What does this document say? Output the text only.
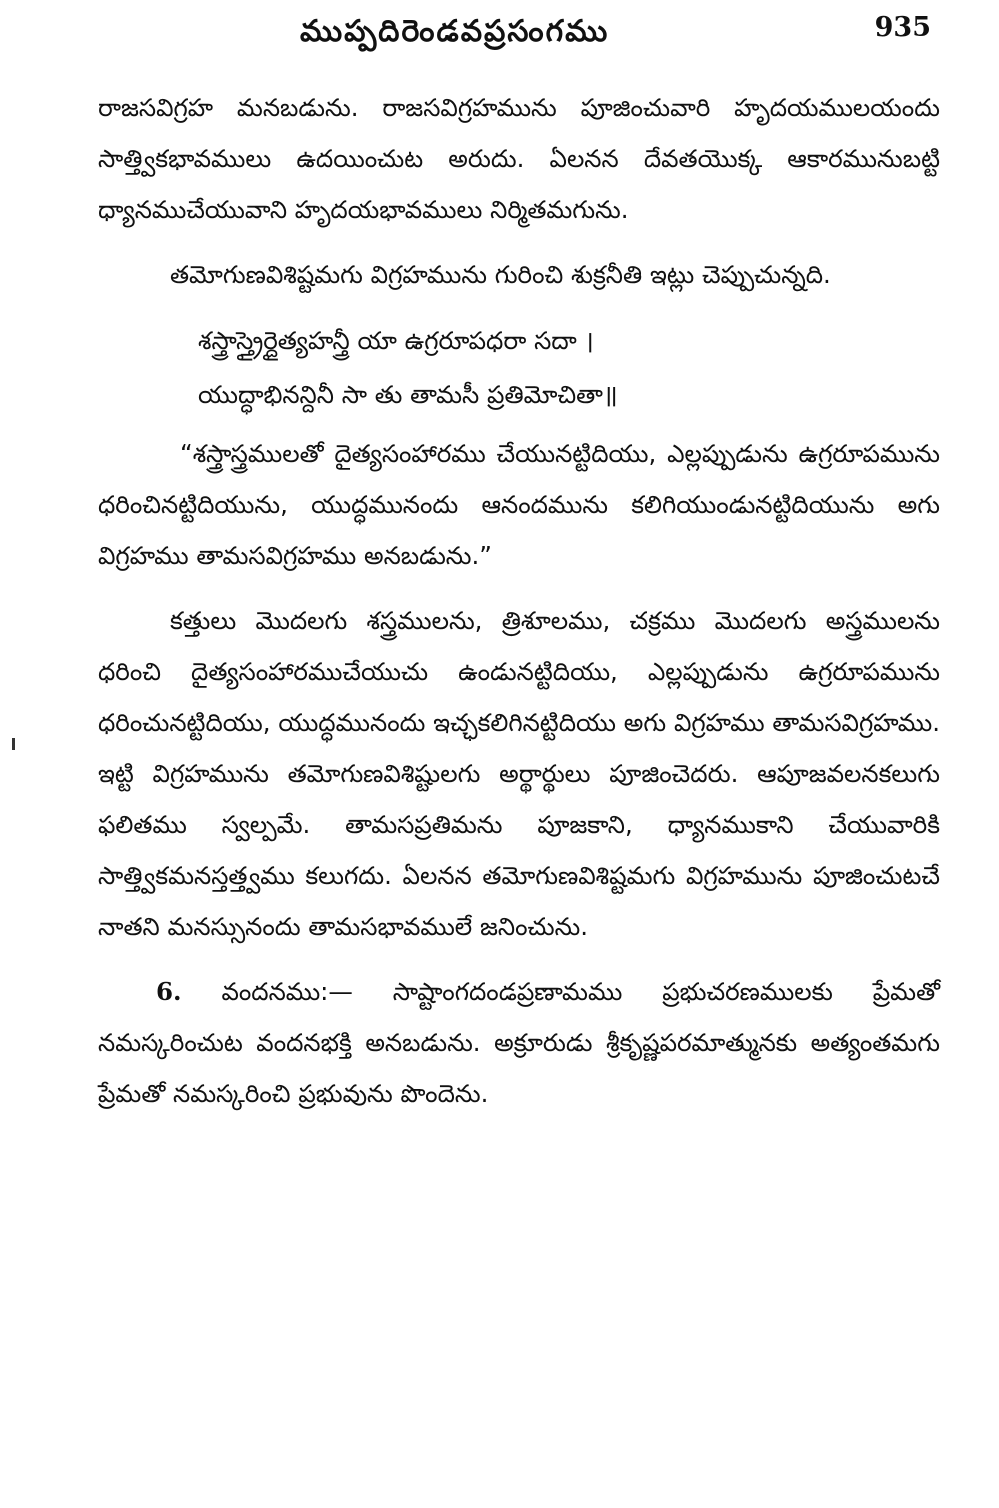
ముప్పదిరెండవప్రసంగము	935

రాజసవిగ్రహ మనబడును. రాజసవిగ్రహమును పూజించువారి హృదయములయందు సాత్త్వికభావములు ఉదయించుట అరుదు. ఏలనన దేవతయొక్క ఆకారమునుబట్టి ధ్యానముచేయువాని హృదయభావములు నిర్మితమగును.

తమోగుణవిశిష్టమగు విగ్రహమును గురించి శుక్రనీతి ఇట్లు చెప్పుచున్నది.

శస్త్రాస్త్రైర్దైత్యహన్త్రీ యా ఉగ్రరూపధరా సదా ।
యుద్ధాభినన్దినీ సా తు తామసీ ప్రతిమోచితా॥

“శస్త్రాస్త్రములతో దైత్యసంహారము చేయునట్టిదియు, ఎల్లప్పుడును ఉగ్రరూపమును ధరించినట్టిదియును, యుద్ధమునందు ఆనందమును కలిగియుండునట్టిదియును అగు విగ్రహము తామసవిగ్రహము అనబడును.”

కత్తులు మొదలగు శస్త్రములను, త్రిశూలము, చక్రము మొదలగు అస్త్రములను ధరించి దైత్యసంహారముచేయుచు ఉండునట్టిదియు, ఎల్లప్పుడును ఉగ్రరూపమును ధరించునట్టిదియు, యుద్ధమునందు ఇచ్ఛకలిగినట్టిదియు అగు విగ్రహము తామసవిగ్రహము. ఇట్టి విగ్రహమును తమోగుణవిశిష్టులగు అర్థార్థులు పూజించెదరు. ఆపూజవలనకలుగు ఫలితము స్వల్పమే. తామసప్రతిమను పూజకాని, ధ్యానముకాని చేయువారికి సాత్త్వికమనస్తత్త్వము కలుగదు. ఏలనన తమోగుణవిశిష్టమగు విగ్రహమును పూజించుటచే నాతని మనస్సునందు తామసభావములే జనించును.

6. వందనము:— సాష్టాంగదండప్రణామము ప్రభుచరణములకు ప్రేమతో నమస్కరించుట వందనభక్తి అనబడును. అక్రూరుడు శ్రీకృష్ణపరమాత్మునకు అత్యంతమగు ప్రేమతో నమస్కరించి ప్రభువును పొందెను.
